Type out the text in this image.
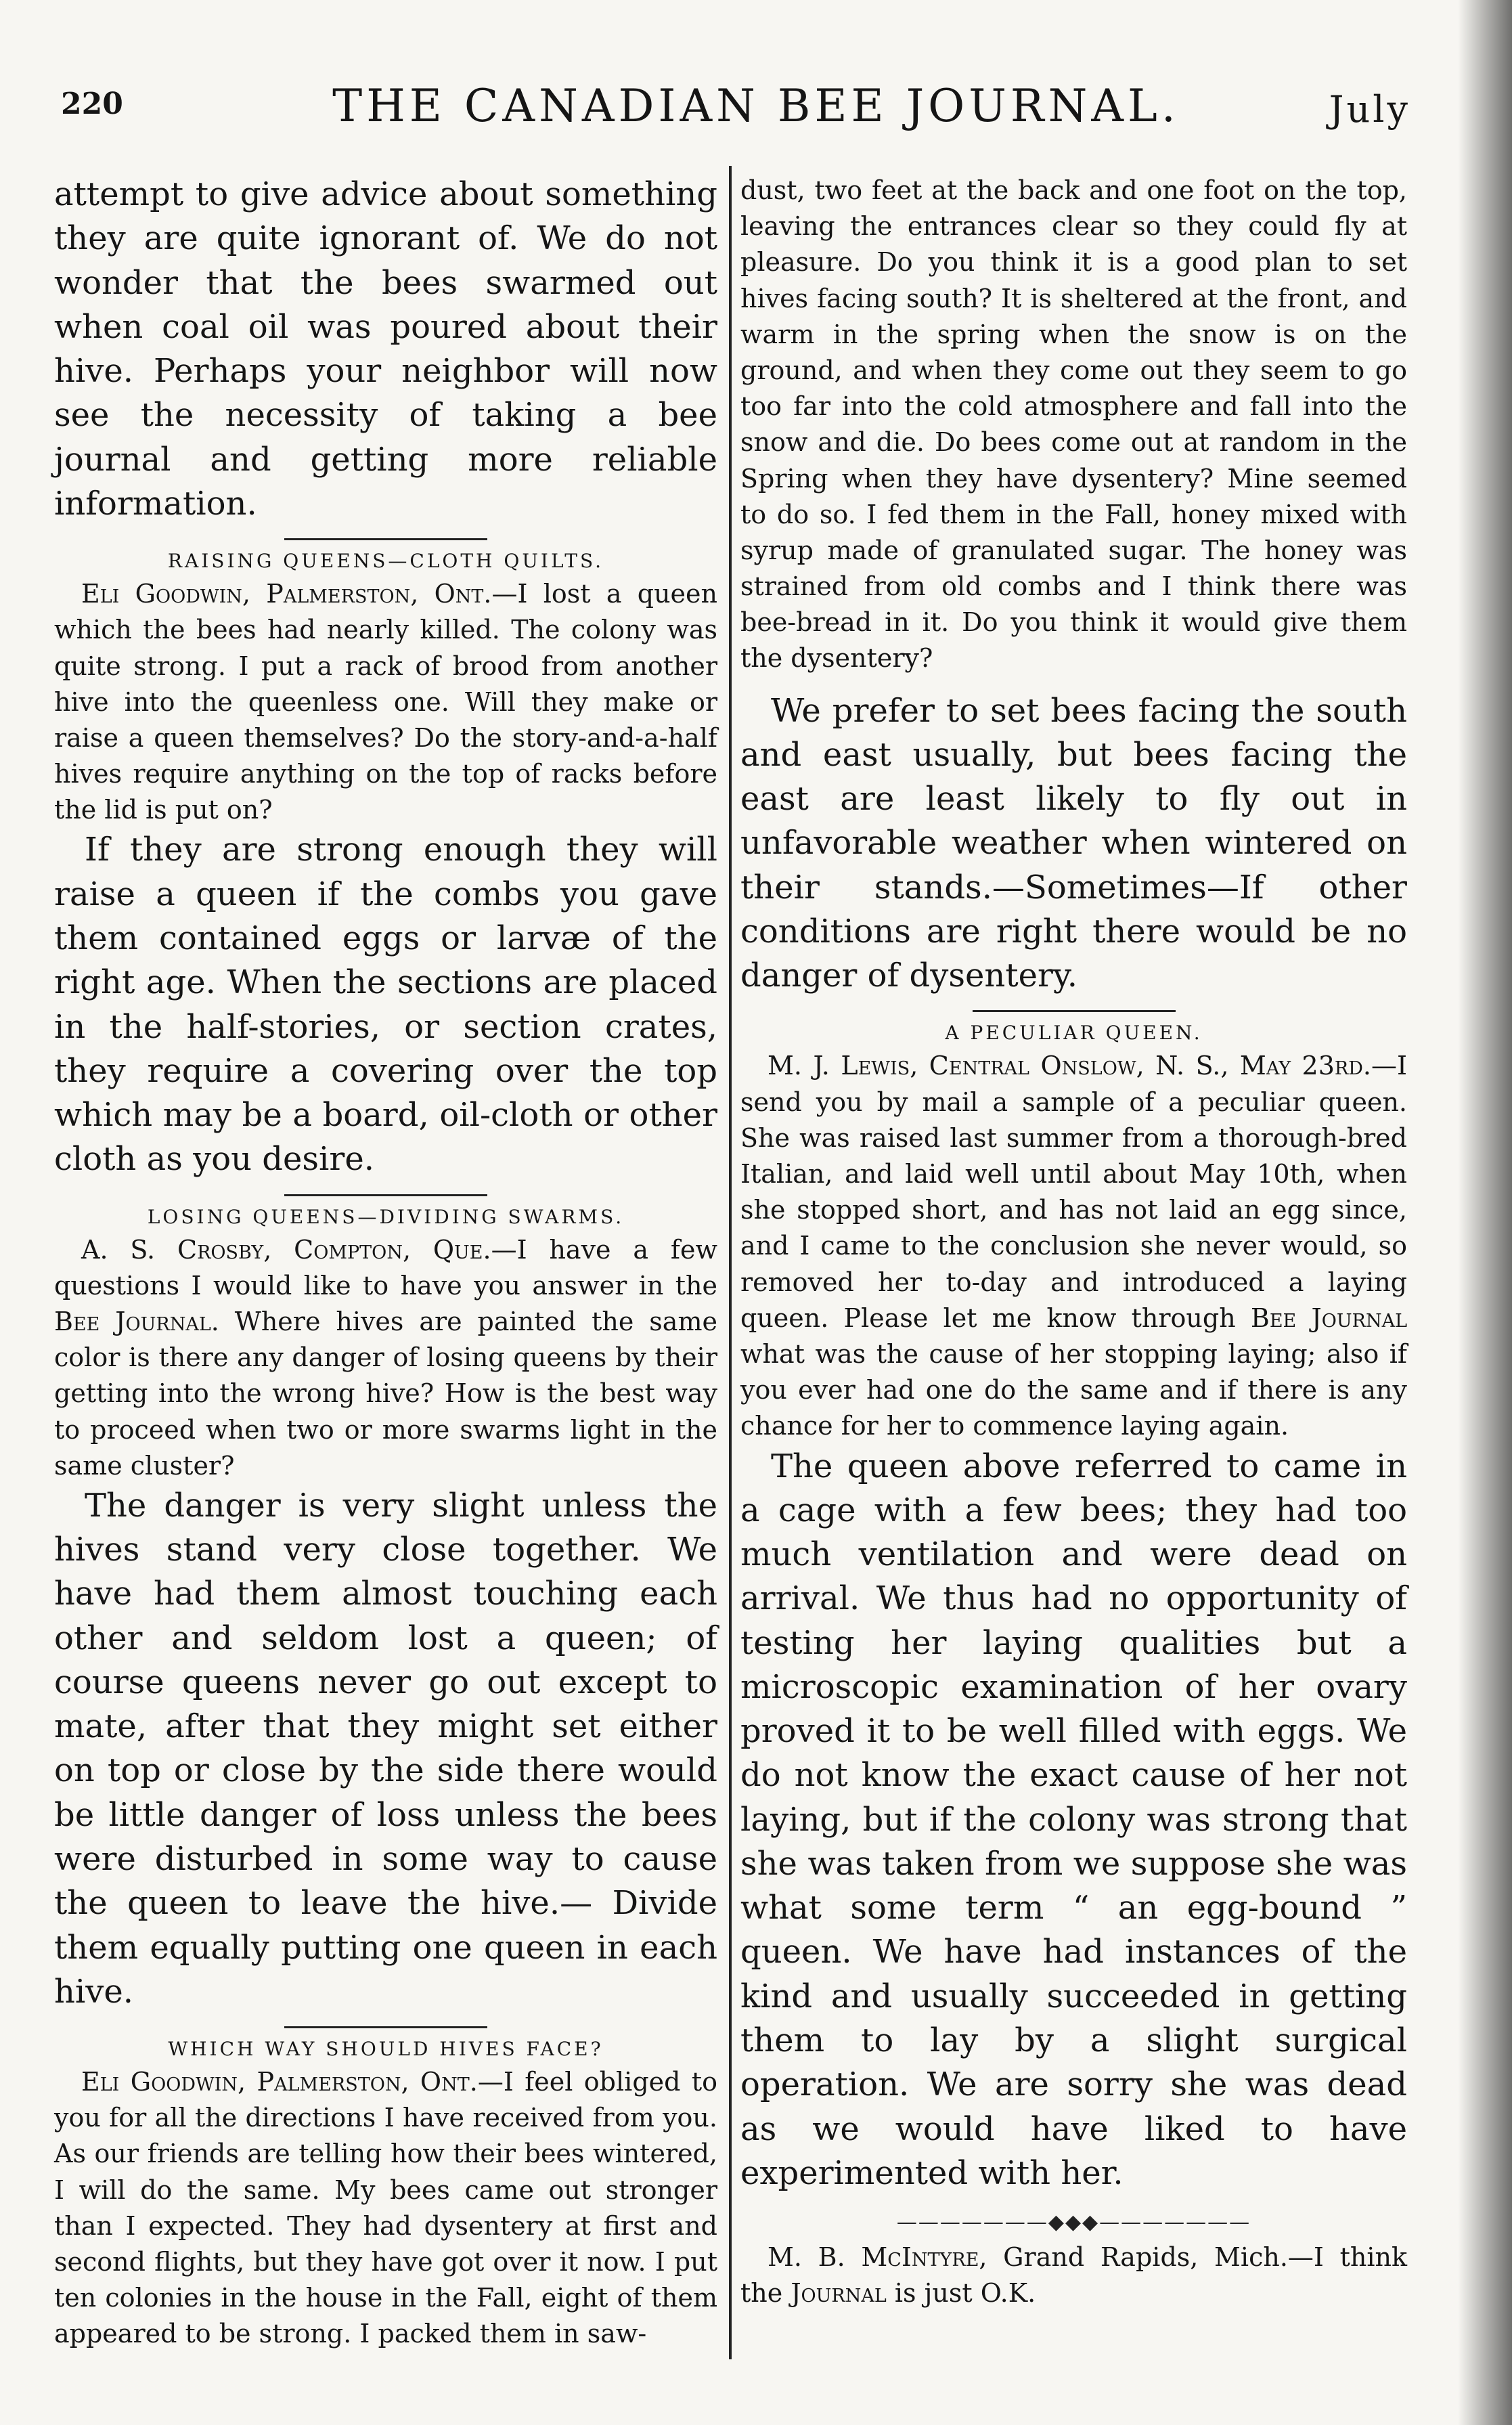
220	THE CANADIAN BEE JOURNAL.	July

attempt to give advice about something they are quite ignorant of. We do not wonder that the bees swarmed out when coal oil was poured about their hive. Perhaps your neighbor will now see the necessity of taking a bee journal and getting more reliable information.

RAISING QUEENS—CLOTH QUILTS.

Eli Goodwin, Palmerston, Ont.—I lost a queen which the bees had nearly killed. The colony was quite strong. I put a rack of brood from another hive into the queenless one. Will they make or raise a queen themselves? Do the story-and-a-half hives require anything on the top of racks before the lid is put on?

If they are strong enough they will raise a queen if the combs you gave them contained eggs or larvæ of the right age. When the sections are placed in the half-stories, or section crates, they require a covering over the top which may be a board, oil-cloth or other cloth as you desire.

LOSING QUEENS—DIVIDING SWARMS.

A. S. Crosby, Compton, Que.—I have a few questions I would like to have you answer in the Bee Journal. Where hives are painted the same color is there any danger of losing queens by their getting into the wrong hive? How is the best way to proceed when two or more swarms light in the same cluster?

The danger is very slight unless the hives stand very close together. We have had them almost touching each other and seldom lost a queen; of course queens never go out except to mate, after that they might set either on top or close by the side there would be little danger of loss unless the bees were disturbed in some way to cause the queen to leave the hive.— Divide them equally putting one queen in each hive.

WHICH WAY SHOULD HIVES FACE?

Eli Goodwin, Palmerston, Ont.—I feel obliged to you for all the directions I have received from you. As our friends are telling how their bees wintered, I will do the same. My bees came out stronger than I expected. They had dysentery at first and second flights, but they have got over it now. I put ten colonies in the house in the Fall, eight of them appeared to be strong. I packed them in saw-

dust, two feet at the back and one foot on the top, leaving the entrances clear so they could fly at pleasure. Do you think it is a good plan to set hives facing south? It is sheltered at the front, and warm in the spring when the snow is on the ground, and when they come out they seem to go too far into the cold atmosphere and fall into the snow and die. Do bees come out at random in the Spring when they have dysentery? Mine seemed to do so. I fed them in the Fall, honey mixed with syrup made of granulated sugar. The honey was strained from old combs and I think there was bee-bread in it. Do you think it would give them the dysentery?

We prefer to set bees facing the south and east usually, but bees facing the east are least likely to fly out in unfavorable weather when wintered on their stands.—Sometimes—If other conditions are right there would be no danger of dysentery.

A PECULIAR QUEEN.

M. J. Lewis, Central Onslow, N. S., May 23rd.—I send you by mail a sample of a peculiar queen. She was raised last summer from a thorough-bred Italian, and laid well until about May 10th, when she stopped short, and has not laid an egg since, and I came to the conclusion she never would, so removed her to-day and introduced a laying queen. Please let me know through Bee Journal what was the cause of her stopping laying; also if you ever had one do the same and if there is any chance for her to commence laying again.

The queen above referred to came in a cage with a few bees; they had too much ventilation and were dead on arrival. We thus had no opportunity of testing her laying qualities but a microscopic examination of her ovary proved it to be well filled with eggs. We do not know the exact cause of her not laying, but if the colony was strong that she was taken from we suppose she was what some term “ an egg-bound ” queen. We have had instances of the kind and usually succeeded in getting them to lay by a slight surgical operation. We are sorry she was dead as we would have liked to have experimented with her.

———————◆◆◆———————

M. B. McIntyre, Grand Rapids, Mich.—I think the Journal is just O.K.
